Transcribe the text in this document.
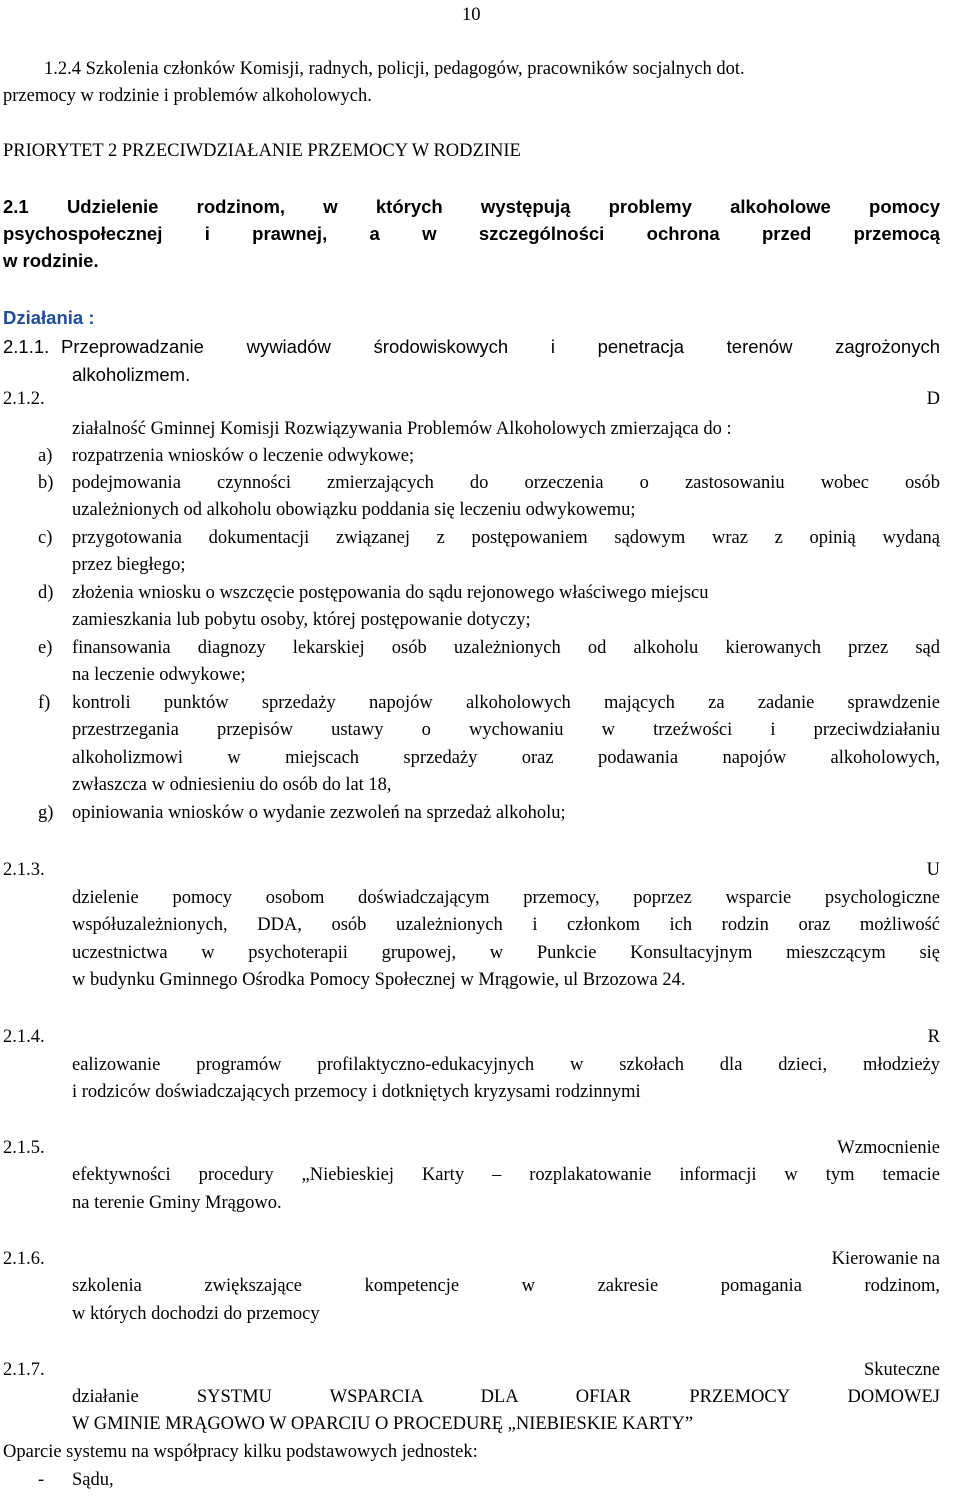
10
1.2.4 Szkolenia członków Komisji, radnych, policji, pedagogów, pracowników socjalnych dot.
przemocy w rodzinie i problemów alkoholowych.
PRIORYTET 2 PRZECIWDZIAŁANIE PRZEMOCY W RODZINIE
2.1 Udzielenie rodzinom, w których występują problemy alkoholowe pomocy
psychospołecznej i prawnej, a w szczególności ochrona przed przemocą
w rodzinie.
Działania :
2.1.1. Przeprowadzanie wywiadów środowiskowych i penetracja terenów zagrożonych
alkoholizmem.
2.1.2.	D
ziałalność Gminnej Komisji Rozwiązywania Problemów Alkoholowych zmierzająca do :
a) rozpatrzenia wniosków o leczenie odwykowe;
b) podejmowania czynności zmierzających do orzeczenia o zastosowaniu wobec osób
uzależnionych od alkoholu obowiązku poddania się leczeniu odwykowemu;
c) przygotowania dokumentacji związanej z postępowaniem sądowym wraz z opinią wydaną
przez biegłego;
d) złożenia wniosku o wszczęcie postępowania do sądu rejonowego właściwego miejscu
zamieszkania lub pobytu osoby, której postępowanie dotyczy;
e) finansowania diagnozy lekarskiej osób uzależnionych od alkoholu kierowanych przez sąd
na leczenie odwykowe;
f) kontroli punktów sprzedaży napojów alkoholowych mających za zadanie sprawdzenie
przestrzegania przepisów ustawy o wychowaniu w trzeźwości i przeciwdziałaniu
alkoholizmowi w miejscach sprzedaży oraz podawania napojów alkoholowych,
zwłaszcza w odniesieniu do osób do lat 18,
g) opiniowania wniosków o wydanie zezwoleń na sprzedaż alkoholu;
2.1.3.	U
dzielenie pomocy osobom doświadczającym przemocy, poprzez wsparcie psychologiczne
współuzależnionych, DDA, osób uzależnionych i członkom ich rodzin oraz możliwość
uczestnictwa w psychoterapii grupowej, w Punkcie Konsultacyjnym mieszczącym się
w budynku Gminnego Ośrodka Pomocy Społecznej w Mrągowie, ul Brzozowa 24.
2.1.4.	R
ealizowanie programów profilaktyczno-edukacyjnych w szkołach dla dzieci, młodzieży
i rodziców doświadczających przemocy i dotkniętych kryzysami rodzinnymi
2.1.5.	Wzmocnienie
efektywności procedury „Niebieskiej Karty – rozplakatowanie informacji w tym temacie
na terenie Gminy Mrągowo.
2.1.6.	Kierowanie na
szkolenia zwiększające kompetencje w zakresie pomagania rodzinom,
w których dochodzi do przemocy
2.1.7.	Skuteczne
działanie SYSTMU WSPARCIA DLA OFIAR PRZEMOCY DOMOWEJ
W GMINIE MRĄGOWO W OPARCIU O PROCEDURĘ „NIEBIESKIE KARTY”
Oparcie systemu na współpracy kilku podstawowych jednostek:
- Sądu,
